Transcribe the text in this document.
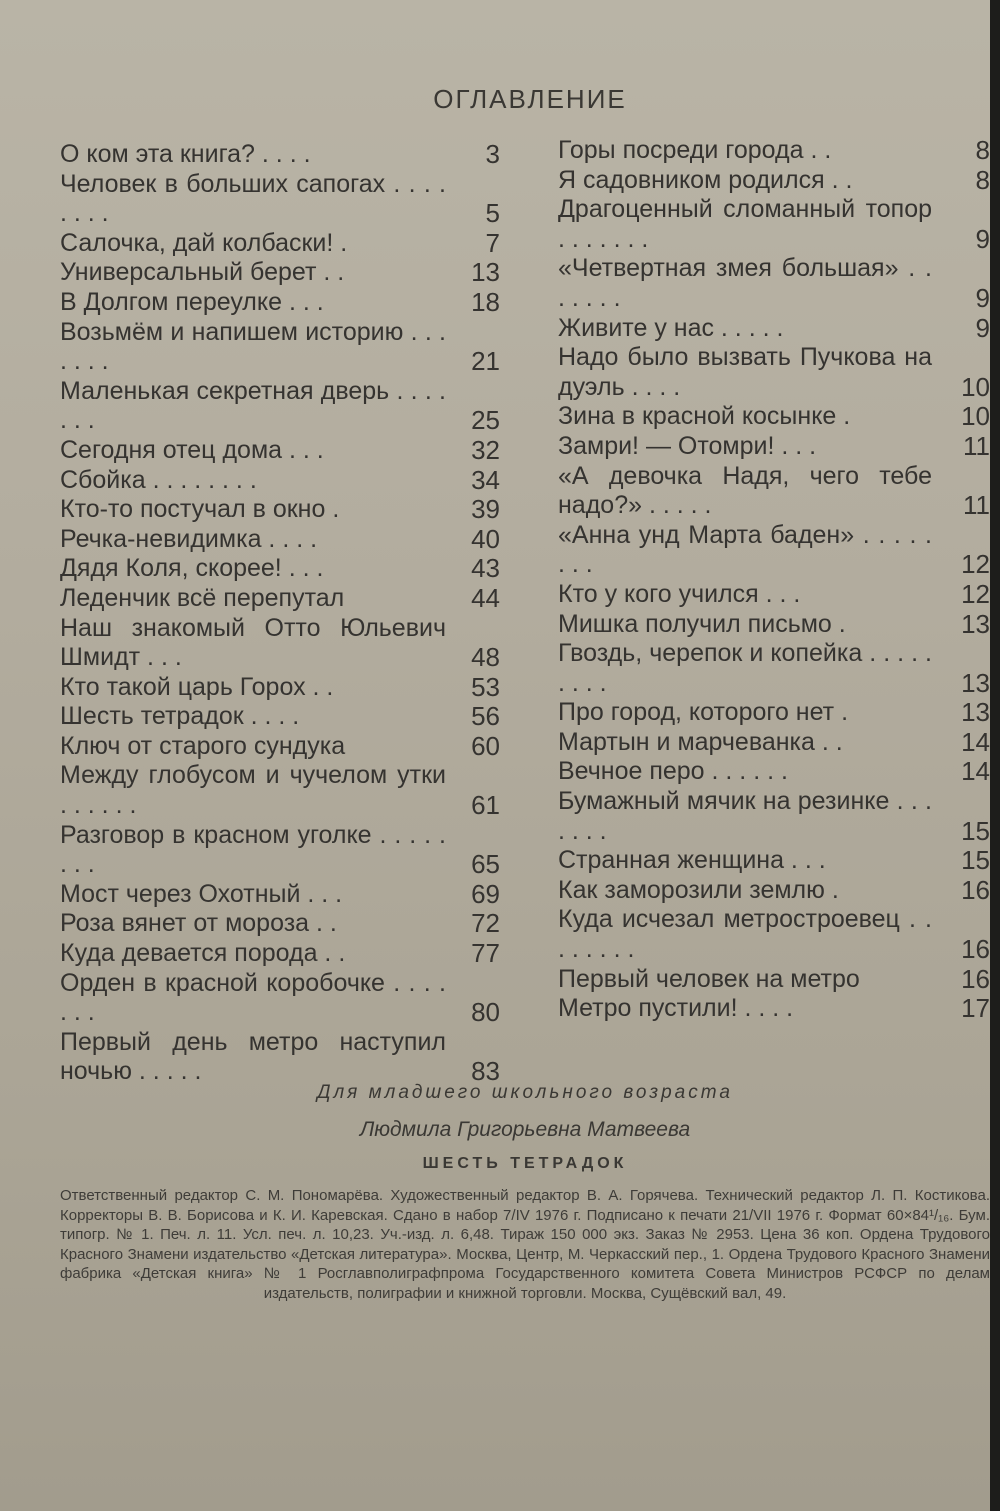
ОГЛАВЛЕНИЕ
О ком эта книга? . . . .	3
Человек в больших сапогах . . . . . . . .	5
Салочка, дай колбаски! .	7
Универсальный берет . .	13
В Долгом переулке . . .	18
Возьмём и напишем историю . . . . . . .	21
Маленькая секретная дверь . . . . . . .	25
Сегодня отец дома . . .	32
Сбойка . . . . . . . .	34
Кто-то постучал в окно .	39
Речка-невидимка . . . .	40
Дядя Коля, скорее! . . .	43
Леденчик всё перепутал	44
Наш знакомый Отто Юльевич Шмидт . . .	48
Кто такой царь Горох . .	53
Шесть тетрадок . . . .	56
Ключ от старого сундука	60
Между глобусом и чучелом утки . . . . . .	61
Разговор в красном уголке . . . . . . . .	65
Мост через Охотный . . .	69
Роза вянет от мороза . .	72
Куда девается порода . .	77
Орден в красной коробочке . . . . . . .	80
Первый день метро наступил ночью . . . . .	83
Горы посреди города . .	8
Я садовником родился . .	8
Драгоценный сломанный топор . . . . . . .	9
«Четвертная змея большая» . . . . . . .	9
Живите у нас . . . . .	9
Надо было вызвать Пучкова на дуэль . . . .	10
Зина в красной косынке .	10
Замри! — Отомри! . . .	11
«А девочка Надя, чего тебе надо?» . . . . .	11
«Анна унд Марта баден» . . . . . . . .	12
Кто у кого учился . . .	12
Мишка получил письмо .	13
Гвоздь, черепок и копейка . . . . . . . . .	13
Про город, которого нет .	13
Мартын и марчеванка . .	14
Вечное перо . . . . . .	14
Бумажный мячик на резинке . . . . . . .	15
Странная женщина . . .	15
Как заморозили землю .	16
Куда исчезал метростроевец . . . . . . . .	16
Первый человек на метро	16
Метро пустили! . . . .	17
Для младшего школьного возраста
Людмила Григорьевна Матвеева
ШЕСТЬ ТЕТРАДОК
Ответственный редактор С. М. Пономарёва. Художественный редактор В. А. Горячева. Технический редактор Л. П. Костикова. Корректоры В. В. Борисова и К. И. Каревская. Сдано в набор 7/IV 1976 г. Подписано к печати 21/VII 1976 г. Формат 60×84¹/₁₆. Бум. типогр. № 1. Печ. л. 11. Усл. печ. л. 10,23. Уч.-изд. л. 6,48. Тираж 150 000 экз. Заказ № 2953. Цена 36 коп. Ордена Трудового Красного Знамени издательство «Детская литература». Москва, Центр, М. Черкасский пер., 1. Ордена Трудового Красного Знамени фабрика «Детская книга» № 1 Росглавполиграфпрома Государственного комитета Совета Министров РСФСР по делам издательств, полиграфии и книжной торговли. Москва, Сущёвский вал, 49.
